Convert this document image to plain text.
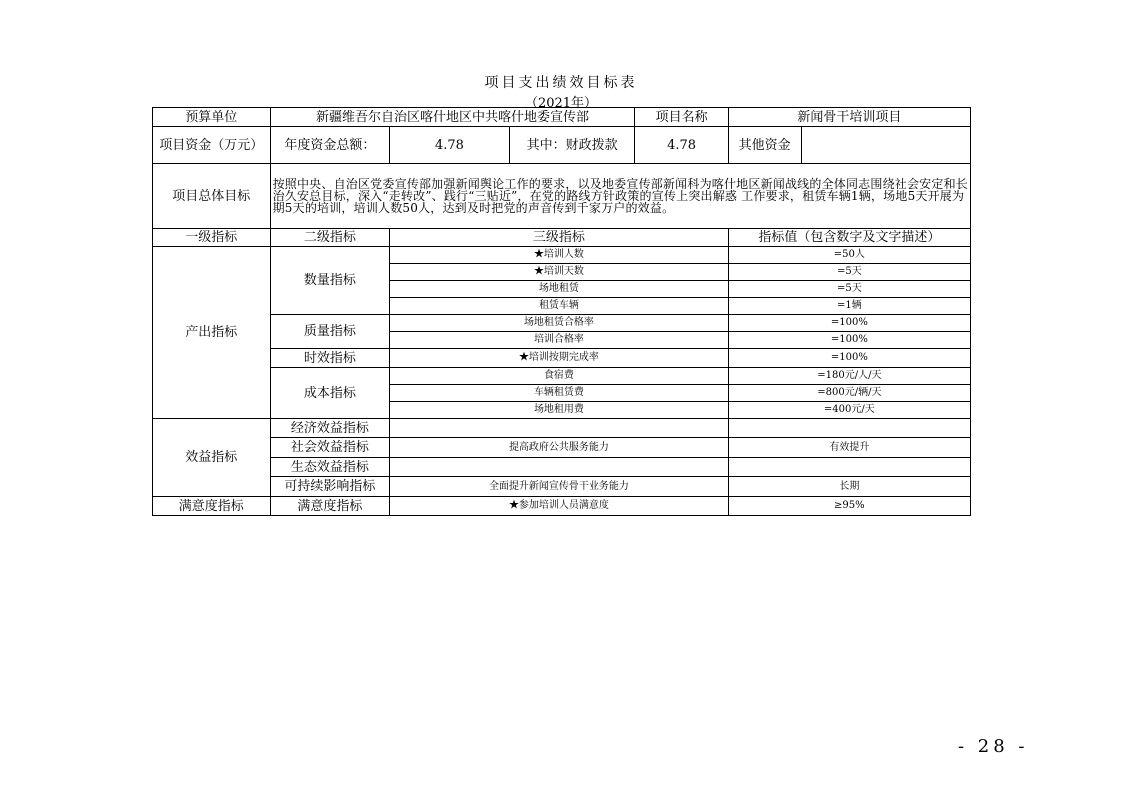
项目支出绩效目标表
（2021年）
预算单位	新疆维吾尔自治区喀什地区中共喀什地委宣传部			项目名称	新闻骨干培训项目	
项目资金（万元）	年度资金总额：	4.78	其中：财政拨款	4.78	其他资金	
项目总体目标	按照中央、自治区党委宣传部加强新闻舆论工作的要求，以及地委宣传部新闻科为喀什地区新闻战线的全体同志围绕社会安定和长治久安总目标，深入“走转改”、践行“三贴近”，在党的路线方针政策的宣传上突出解惑 工作要求，租赁车辆1辆，场地5天开展为期5天的培训，培训人数50人，达到及时把党的声音传到千家万户的效益。					
一级指标	二级指标	三级指标			指标值（包含数字及文字描述）	
产出指标	数量指标	★培训人数			=50人	
		★培训天数			=5天	
		场地租赁			=5天	
		租赁车辆			=1辆	
	质量指标	场地租赁合格率			=100%	
		培训合格率			=100%	
	时效指标	★培训按期完成率			=100%	
	成本指标	食宿费			=180元/人/天	
		车辆租赁费			=800元/辆/天	
		场地租用费			=400元/天	
效益指标	经济效益指标					
	社会效益指标	提高政府公共服务能力			有效提升	
	生态效益指标					
	可持续影响指标	全面提升新闻宣传骨干业务能力			长期	
满意度指标	满意度指标	★参加培训人员满意度			≥95%	
- 28 -
